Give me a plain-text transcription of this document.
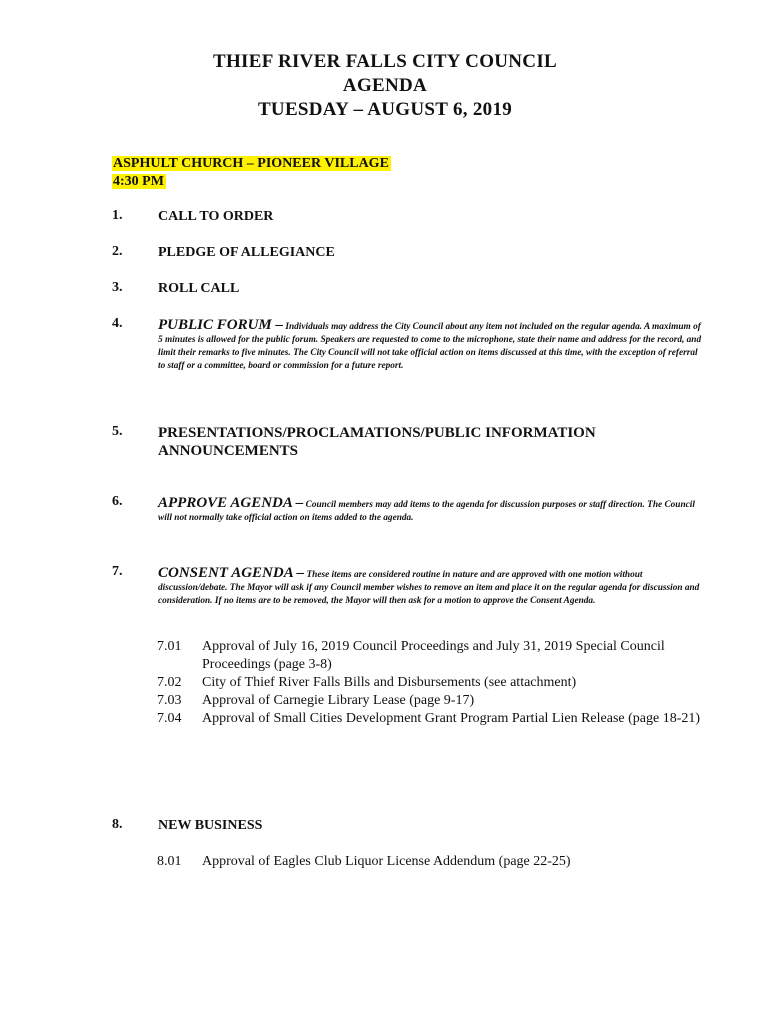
THIEF RIVER FALLS CITY COUNCIL
AGENDA
TUESDAY – AUGUST 6, 2019
ASPHULT CHURCH – PIONEER VILLAGE
4:30 PM
1.	CALL TO ORDER
2.	PLEDGE OF ALLEGIANCE
3.	ROLL CALL
4. PUBLIC FORUM – Individuals may address the City Council about any item not included on the regular agenda. A maximum of 5 minutes is allowed for the public forum. Speakers are requested to come to the microphone, state their name and address for the record, and limit their remarks to five minutes. The City Council will not take official action on items discussed at this time, with the exception of referral to staff or a committee, board or commission for a future report.
5. PRESENTATIONS/PROCLAMATIONS/PUBLIC INFORMATION ANNOUNCEMENTS
6. APPROVE AGENDA – Council members may add items to the agenda for discussion purposes or staff direction. The Council will not normally take official action on items added to the agenda.
7. CONSENT AGENDA – These items are considered routine in nature and are approved with one motion without discussion/debate. The Mayor will ask if any Council member wishes to remove an item and place it on the regular agenda for discussion and consideration. If no items are to be removed, the Mayor will then ask for a motion to approve the Consent Agenda.
7.01	Approval of July 16, 2019 Council Proceedings and July 31, 2019 Special Council Proceedings (page 3-8)
7.02	City of Thief River Falls Bills and Disbursements (see attachment)
7.03	Approval of Carnegie Library Lease (page 9-17)
7.04	Approval of Small Cities Development Grant Program Partial Lien Release (page 18-21)
8.	NEW BUSINESS
8.01	Approval of Eagles Club Liquor License Addendum (page 22-25)
